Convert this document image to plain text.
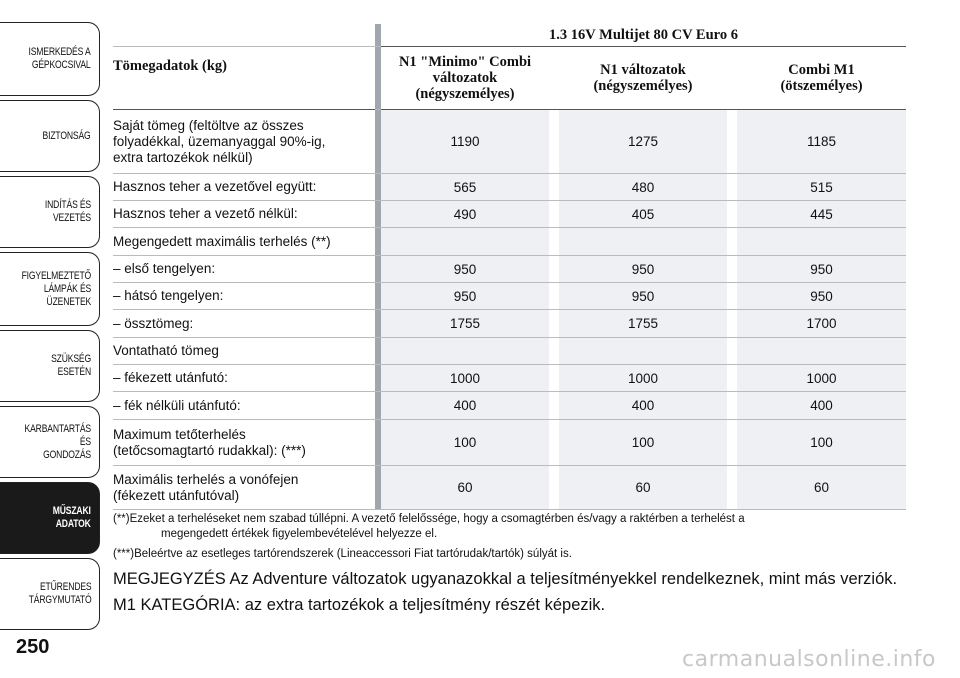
ISMERKEDÉS A
GÉPKOCSIVAL
BIZTONSÁG
INDÍTÁS ÉS VEZETÉS
FIGYELMEZTETŐ
LÁMPÁK ÉS
ÜZENETEK
SZÜKSÉG ESETÉN
KARBANTARTÁS ÉS
GONDOZÁS
MŰSZAKI
ADATOK
ETŰRENDES
TÁRGYMUTATÓ
250
		1.3 16V Multijet 80 CV Euro 6				
Tömegadatok (kg)		N1 "Minimo" Combi
változatok
(négyszemélyes)		N1 változatok
(négyszemélyes)		Combi M1
(ötszemélyes)
Saját tömeg (feltöltve az összes
folyadékkal, üzemanyaggal 90%-ig,
extra tartozékok nélkül)		1190		1275		1185
Hasznos teher a vezetővel együtt:		565		480		515
Hasznos teher a vezető nélkül:		490		405		445
Megengedett maximális terhelés (**)						
– első tengelyen:		950		950		950
– hátsó tengelyen:		950		950		950
– össztömeg:		1755		1755		1700
Vontatható tömeg						
– fékezett utánfutó:		1000		1000		1000
– fék nélküli utánfutó:		400		400		400
Maximum tetőterhelés
(tetőcsomagtartó rudakkal): (***)		100		100		100
Maximális terhelés a vonófejen
(fékezett utánfutóval)		60		60		60
(**)Ezeket a terheléseket nem szabad túllépni. A vezető felelőssége, hogy a csomagtérben és/vagy a raktérben a terhelést a
megengedett értékek figyelembevételével helyezze el.
(***)Beleértve az esetleges tartórendszerek (Lineaccessori Fiat tartórudak/tartók) súlyát is.
MEGJEGYZÉS Az Adventure változatok ugyanazokkal a teljesítményekkel rendelkeznek, mint más verziók.
M1 KATEGÓRIA: az extra tartozékok a teljesítmény részét képezik.
carmanualsonline.info
